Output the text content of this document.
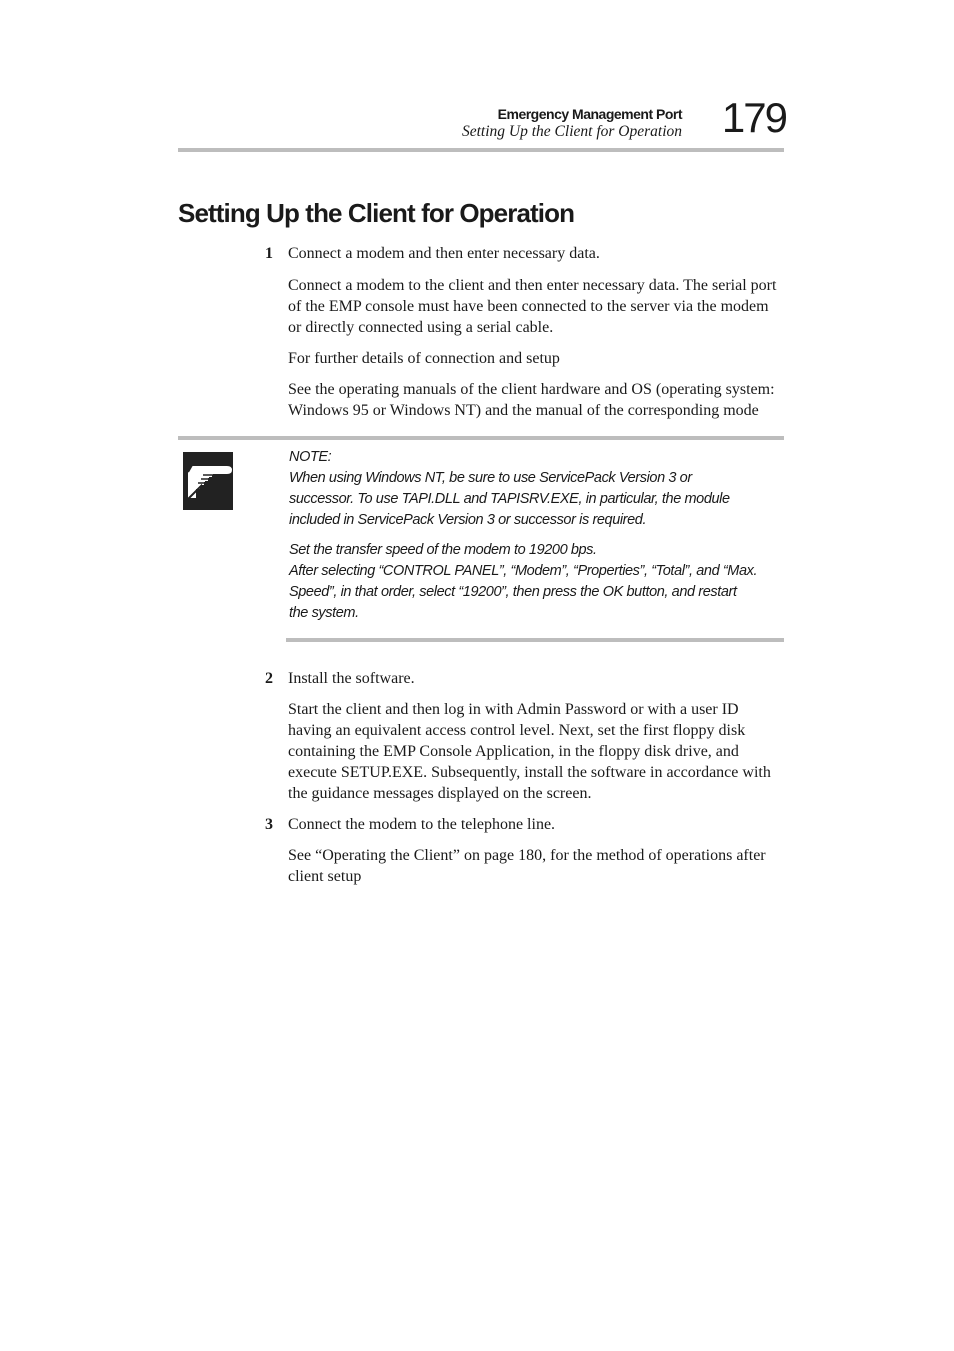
Emergency Management Port
Setting Up the Client for Operation 179
Setting Up the Client for Operation
1 Connect a modem and then enter necessary data.

Connect a modem to the client and then enter necessary data. The serial port of the EMP console must have been connected to the server via the modem or directly connected using a serial cable.

For further details of connection and setup

See the operating manuals of the client hardware and OS (operating system: Windows 95 or Windows NT) and the manual of the corresponding mode

NOTE:

When using Windows NT, be sure to use ServicePack Version 3 or successor. To use TAPI.DLL and TAPISRV.EXE, in particular, the module included in ServicePack Version 3 or successor is required.

Set the transfer speed of the modem to 19200 bps.

After selecting “CONTROL PANEL”, “Modem”, “Properties”, “Total”, and “Max. Speed”, in that order, select “19200”, then press the OK button, and restart the system.

2 Install the software.

Start the client and then log in with Admin Password or with a user ID having an equivalent access control level. Next, set the first floppy disk containing the EMP Console Application, in the floppy disk drive, and execute SETUP.EXE. Subsequently, install the software in accordance with the guidance messages displayed on the screen.

3 Connect the modem to the telephone line.

See “Operating the Client” on page 180, for the method of operations after client setup
